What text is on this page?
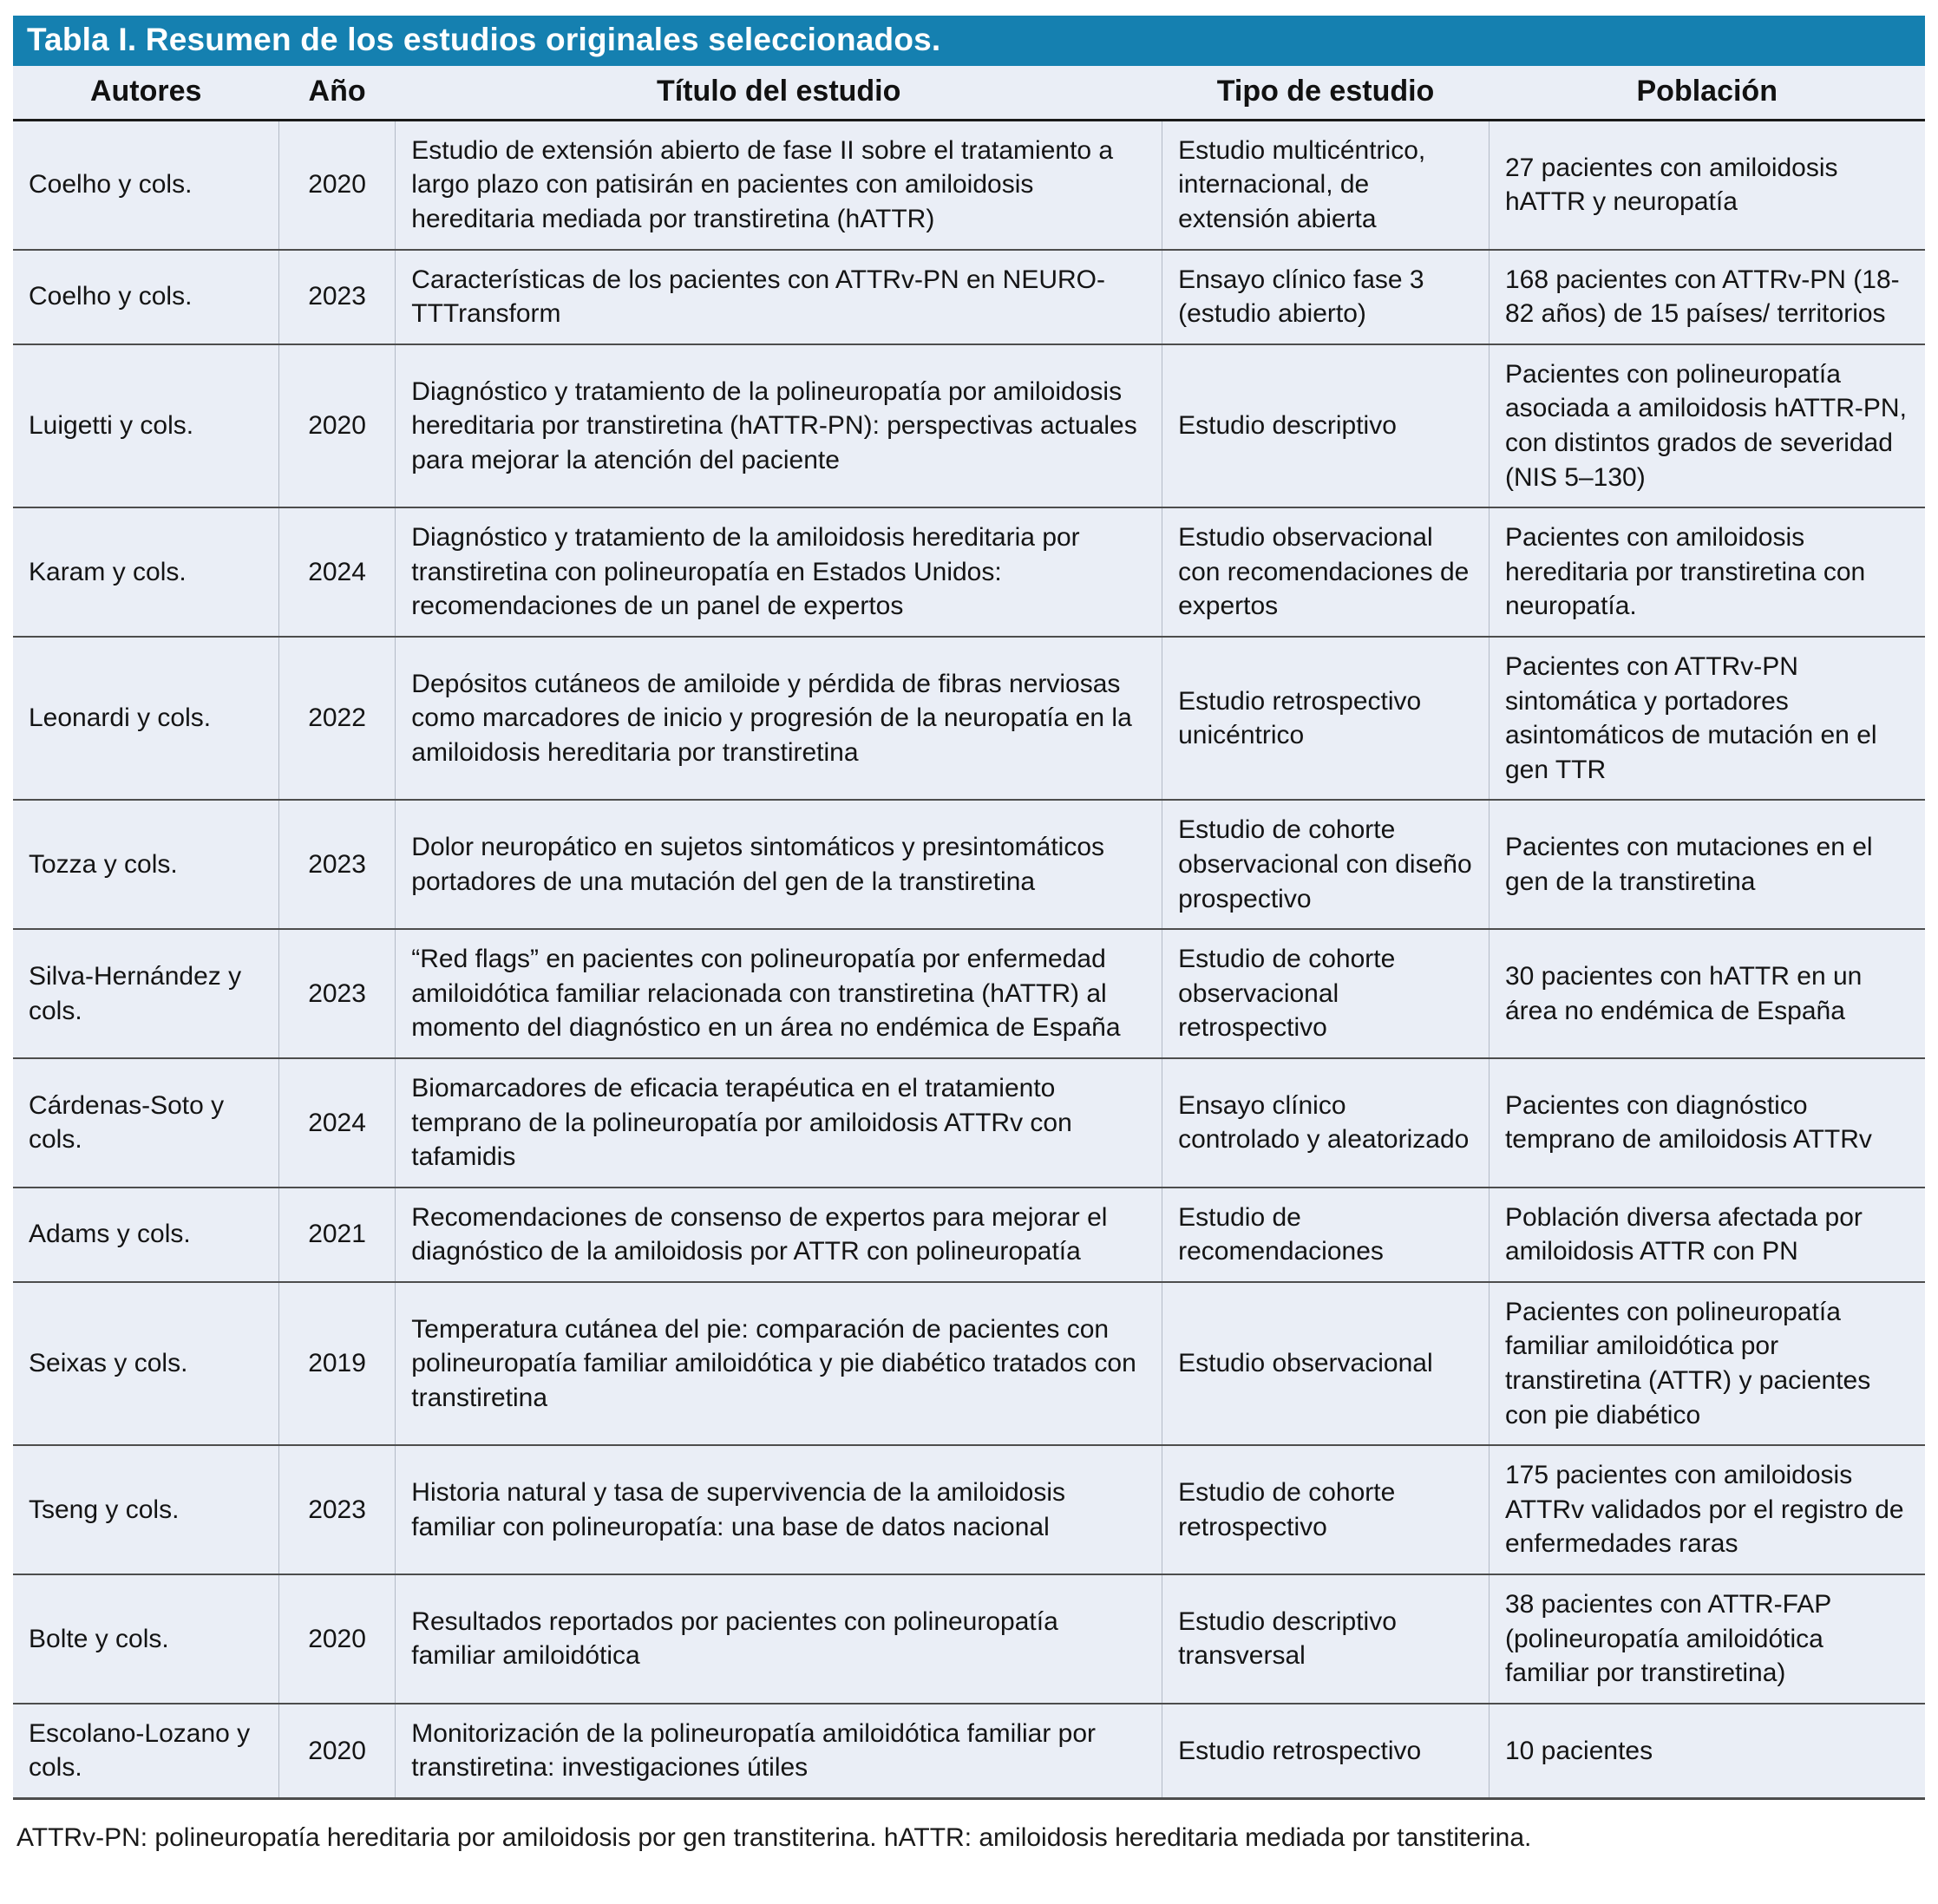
Tabla I. Resumen de los estudios originales seleccionados.
Autores	Año	Título del estudio	Tipo de estudio	Población
Coelho y cols.	2020	Estudio de extensión abierto de fase II sobre el tratamiento a largo plazo con patisirán en pacientes con amiloidosis hereditaria mediada por transtiretina (hATTR)	Estudio multicéntrico, internacional, de extensión abierta	27 pacientes con amiloidosis hATTR y neuropatía
Coelho y cols.	2023	Características de los pacientes con ATTRv-PN en NEURO-TTTransform	Ensayo clínico fase 3 (estudio abierto)	168 pacientes con ATTRv-PN (18-82 años) de 15 países/ territorios
Luigetti y cols.	2020	Diagnóstico y tratamiento de la polineuropatía por amiloidosis hereditaria por transtiretina (hATTR-PN): perspectivas actuales para mejorar la atención del paciente	Estudio descriptivo	Pacientes con polineuropatía asociada a amiloidosis hATTR-PN, con distintos grados de severidad (NIS 5–130)
Karam y cols.	2024	Diagnóstico y tratamiento de la amiloidosis hereditaria por transtiretina con polineuropatía en Estados Unidos: recomendaciones de un panel de expertos	Estudio observacional con recomendaciones de expertos	Pacientes con amiloidosis hereditaria por transtiretina con neuropatía.
Leonardi y cols.	2022	Depósitos cutáneos de amiloide y pérdida de fibras nerviosas como marcadores de inicio y progresión de la neuropatía en la amiloidosis hereditaria por transtiretina	Estudio retrospectivo unicéntrico	Pacientes con ATTRv-PN sintomática y portadores asintomáticos de mutación en el gen TTR
Tozza y cols.	2023	Dolor neuropático en sujetos sintomáticos y presintomáticos portadores de una mutación del gen de la transtiretina	Estudio de cohorte observacional con diseño prospectivo	Pacientes con mutaciones en el gen de la transtiretina
Silva-Hernández y cols.	2023	“Red flags” en pacientes con polineuropatía por enfermedad amiloidótica familiar relacionada con transtiretina (hATTR) al momento del diagnóstico en un área no endémica de España	Estudio de cohorte observacional retrospectivo	30 pacientes con hATTR en un área no endémica de España
Cárdenas-Soto y cols.	2024	Biomarcadores de eficacia terapéutica en el tratamiento temprano de la polineuropatía por amiloidosis ATTRv con tafamidis	Ensayo clínico controlado y aleatorizado	Pacientes con diagnóstico temprano de amiloidosis ATTRv
Adams y cols.	2021	Recomendaciones de consenso de expertos para mejorar el diagnóstico de la amiloidosis por ATTR con polineuropatía	Estudio de recomendaciones	Población diversa afectada por amiloidosis ATTR con PN
Seixas y cols.	2019	Temperatura cutánea del pie: comparación de pacientes con polineuropatía familiar amiloidótica y pie diabético tratados con transtiretina	Estudio observacional	Pacientes con polineuropatía familiar amiloidótica por transtiretina (ATTR) y pacientes con pie diabético
Tseng y cols.	2023	Historia natural y tasa de supervivencia de la amiloidosis familiar con polineuropatía: una base de datos nacional	Estudio de cohorte retrospectivo	175 pacientes con amiloidosis ATTRv validados por el registro de enfermedades raras
Bolte y cols.	2020	Resultados reportados por pacientes con polineuropatía familiar amiloidótica	Estudio descriptivo transversal	38 pacientes con ATTR-FAP (polineuropatía amiloidótica familiar por transtiretina)
Escolano-Lozano y cols.	2020	Monitorización de la polineuropatía amiloidótica familiar por transtiretina: investigaciones útiles	Estudio retrospectivo	10 pacientes
ATTRv-PN: polineuropatía hereditaria por amiloidosis por gen transtiterina. hATTR: amiloidosis hereditaria mediada por tanstiterina.
